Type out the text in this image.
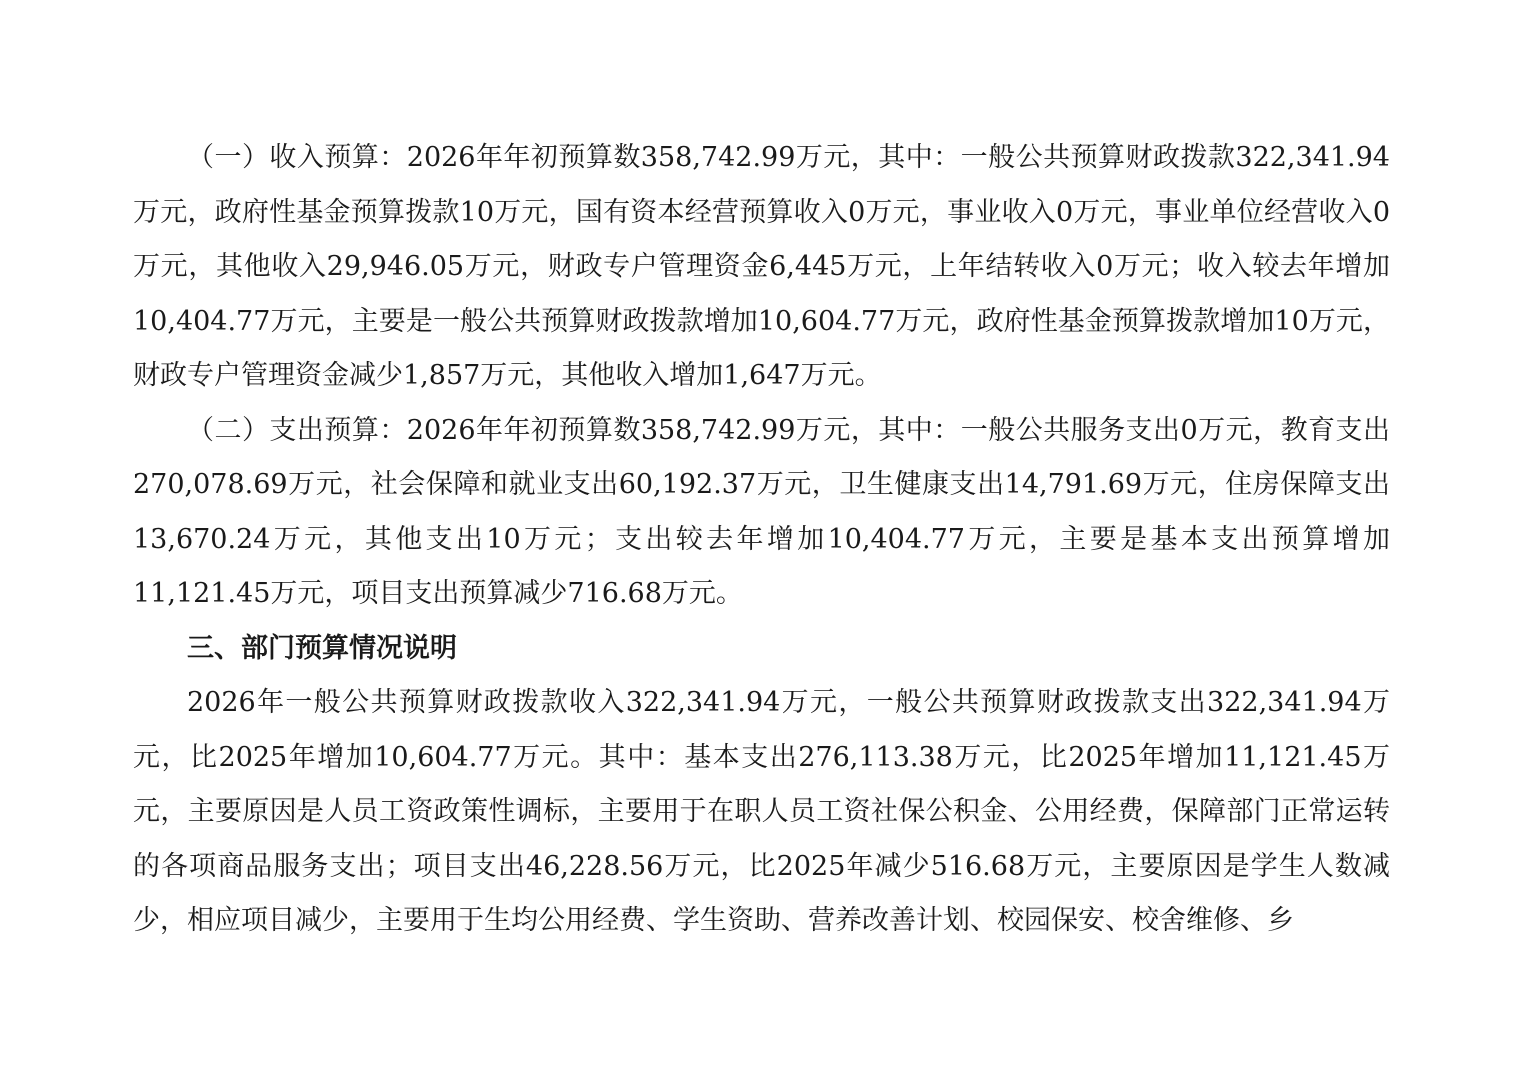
（一）收入预算：2026年年初预算数358,742.99万元，其中：一般公共预算财政拨款322,341.94万元，政府性基金预算拨款10万元，国有资本经营预算收入0万元，事业收入0万元，事业单位经营收入0万元，其他收入29,946.05万元，财政专户管理资金6,445万元，上年结转收入0万元；收入较去年增加10,404.77万元，主要是一般公共预算财政拨款增加10,604.77万元，政府性基金预算拨款增加10万元，财政专户管理资金减少1,857万元，其他收入增加1,647万元。

（二）支出预算：2026年年初预算数358,742.99万元，其中：一般公共服务支出0万元，教育支出270,078.69万元，社会保障和就业支出60,192.37万元，卫生健康支出14,791.69万元，住房保障支出13,670.24万元，其他支出10万元；支出较去年增加10,404.77万元，主要是基本支出预算增加11,121.45万元，项目支出预算减少716.68万元。

三、部门预算情况说明

2026年一般公共预算财政拨款收入322,341.94万元，一般公共预算财政拨款支出322,341.94万元，比2025年增加10,604.77万元。其中：基本支出276,113.38万元，比2025年增加11,121.45万元，主要原因是人员工资政策性调标，主要用于在职人员工资社保公积金、公用经费，保障部门正常运转的各项商品服务支出；项目支出46,228.56万元，比2025年减少516.68万元，主要原因是学生人数减少，相应项目减少，主要用于生均公用经费、学生资助、营养改善计划、校园保安、校舍维修、乡
